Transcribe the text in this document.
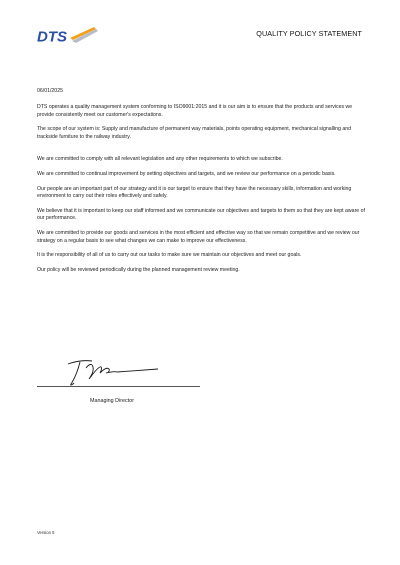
DTS	QUALITY POLICY STATEMENT

06/01/2025

DTS operates a quality management system conforming to ISO9001:2015 and it is our aim is to ensure that the products and services we provide consistently meet our customer's expectations.

The scope of our system is: Supply and manufacture of permanent way materials, points operating equipment, mechanical signalling and trackside furniture to the railway industry.

We are committed to comply with all relevant legislation and any other requirements to which we subscribe.

We are committed to continual improvement by setting objectives and targets, and we review our performance on a periodic basis.

Our people are an important part of our strategy and it is our target to ensure that they have the necessary skills, information and working environment to carry out their roles effectively and safely.

We believe that it is important to keep our staff informed and we communicate our objectives and targets to them so that they are kept aware of our performance.

We are committed to provide our goods and services in the most efficient and effective way so that we remain competitive and we review our strategy on a regular basis to see what changes we can make to improve our effectiveness.

It is the responsibility of all of us to carry out our tasks to make sure we maintain our objectives and meet our goals.

Our policy will be reviewed periodically during the planned management review meeting.

Managing Director
Version 5
